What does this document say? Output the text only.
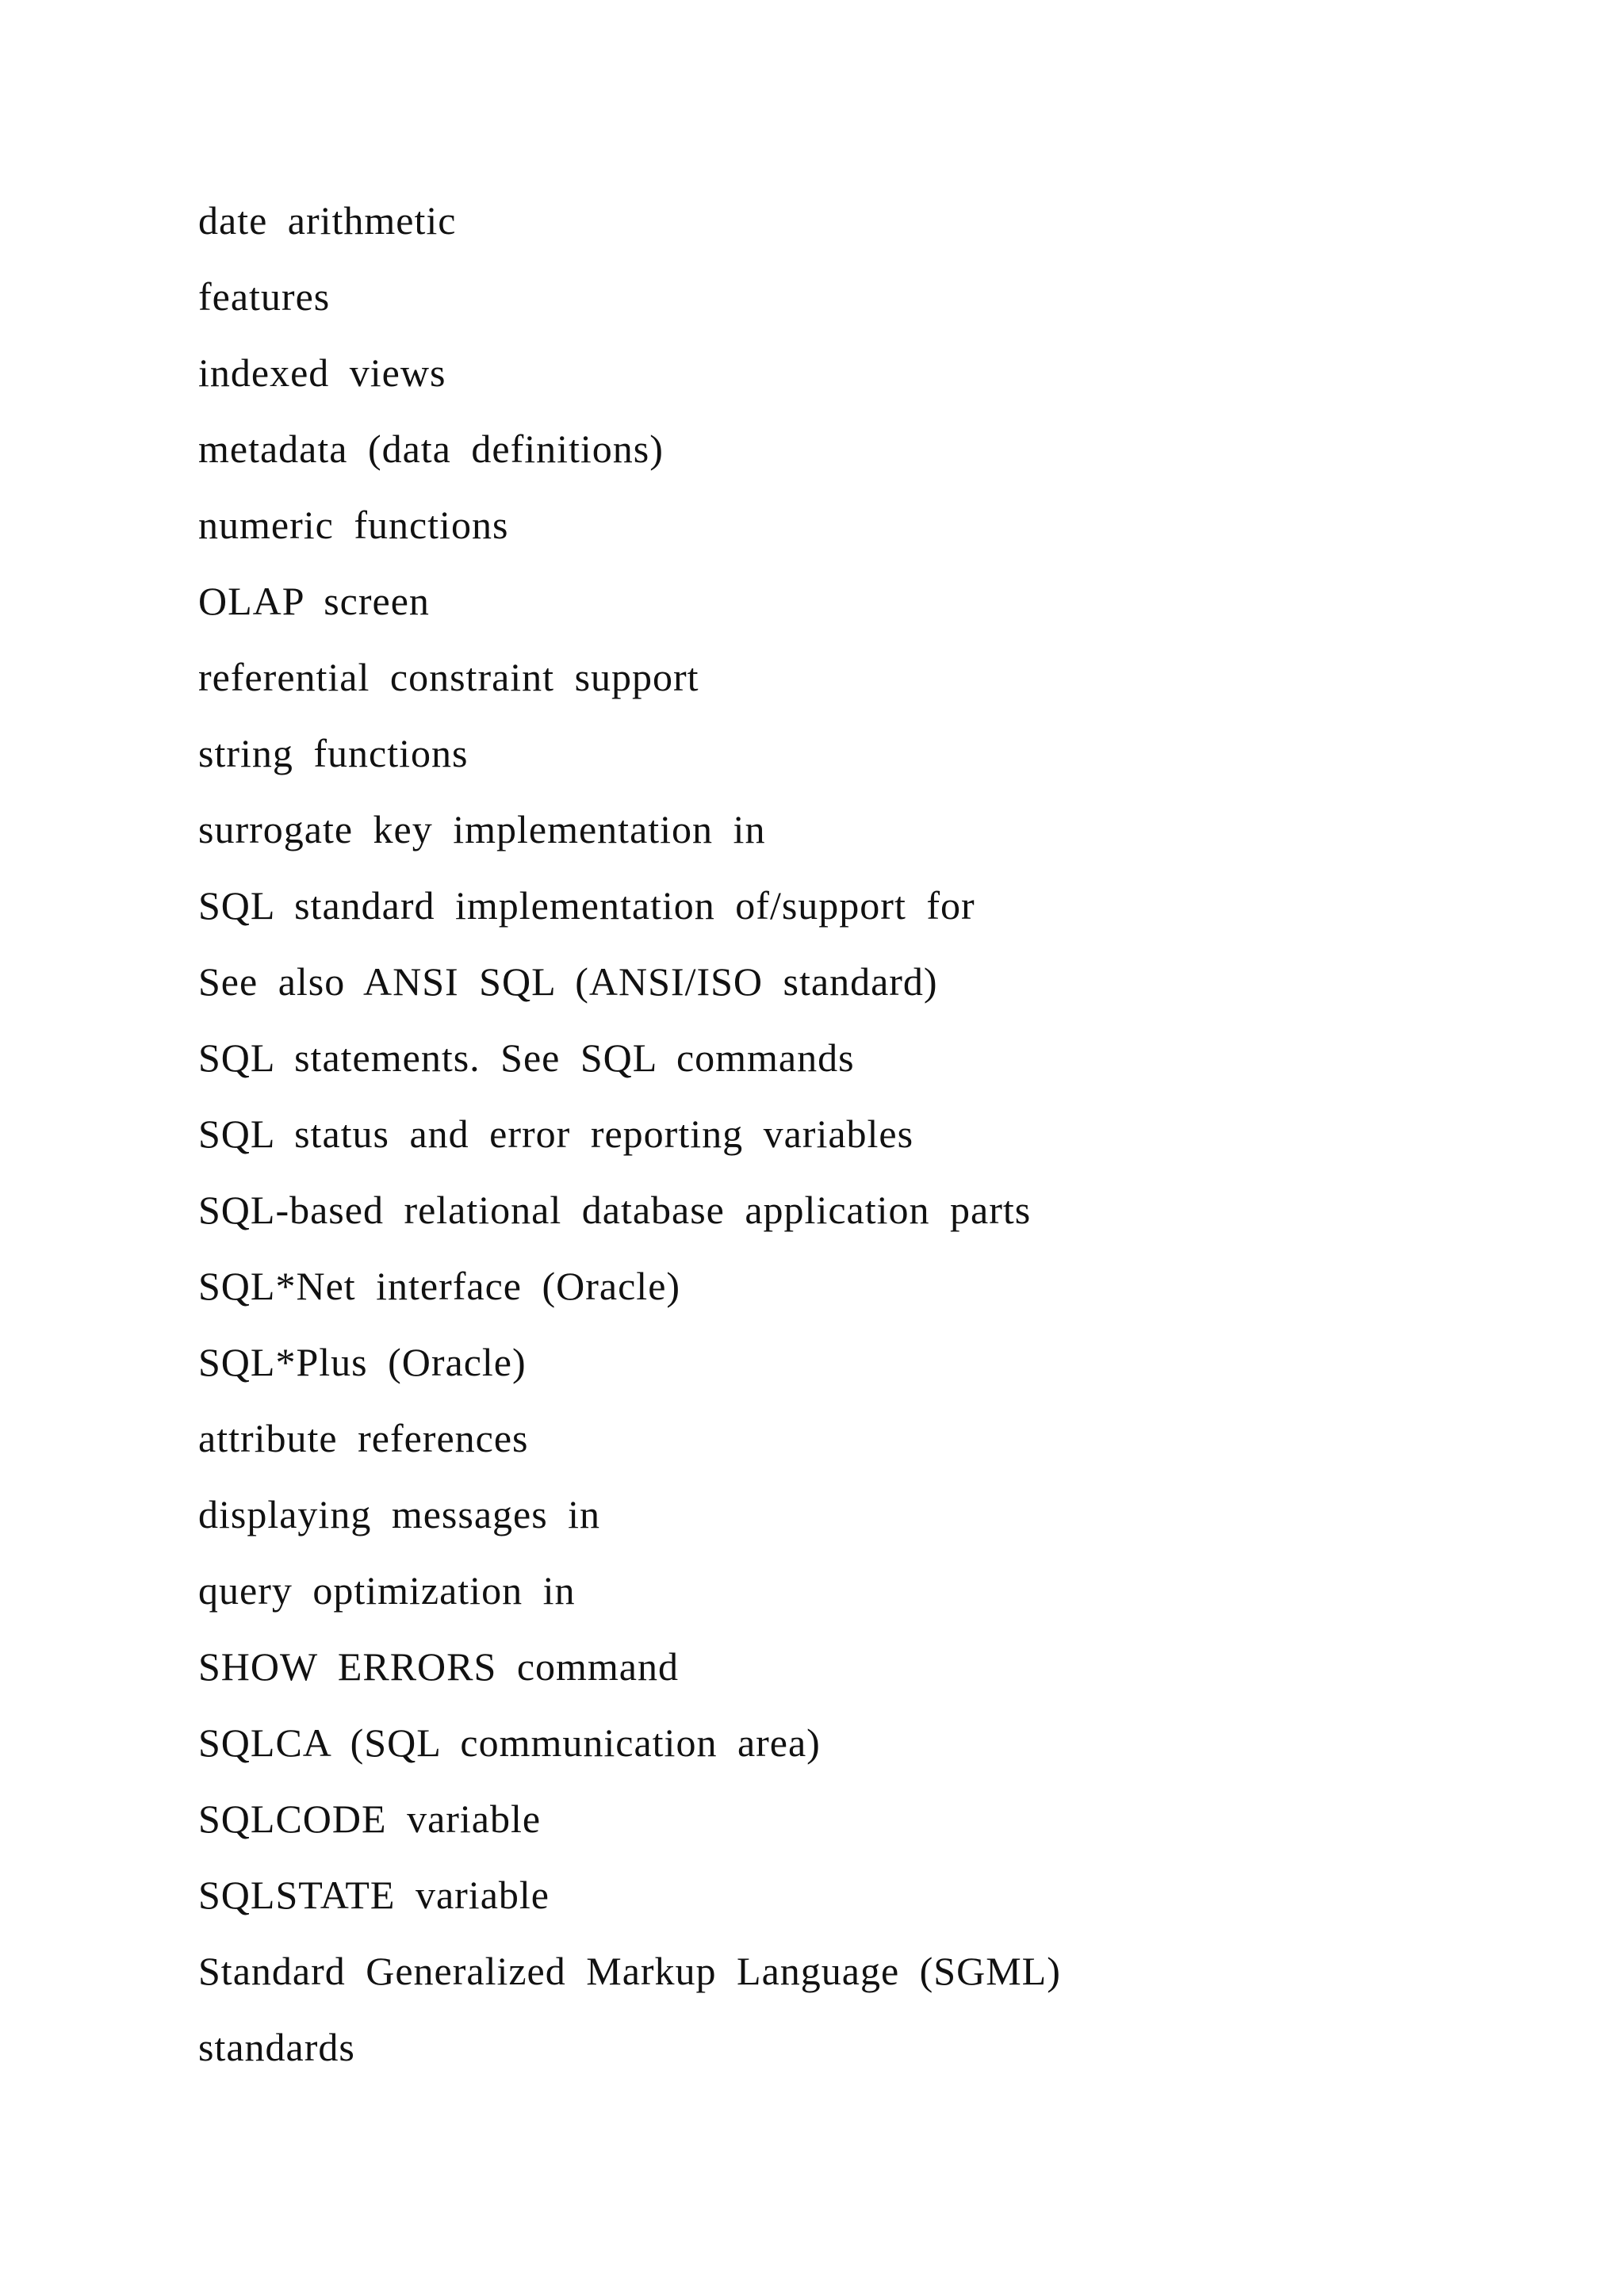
date arithmetic
features
indexed views
metadata (data definitions)
numeric functions
OLAP screen
referential constraint support
string functions
surrogate key implementation in
SQL standard implementation of/support for
See also ANSI SQL (ANSI/ISO standard)
SQL statements. See SQL commands
SQL status and error reporting variables
SQL-based relational database application parts
SQL*Net interface (Oracle)
SQL*Plus (Oracle)
attribute references
displaying messages in
query optimization in
SHOW ERRORS command
SQLCA (SQL communication area)
SQLCODE variable
SQLSTATE variable
Standard Generalized Markup Language (SGML)
standards
